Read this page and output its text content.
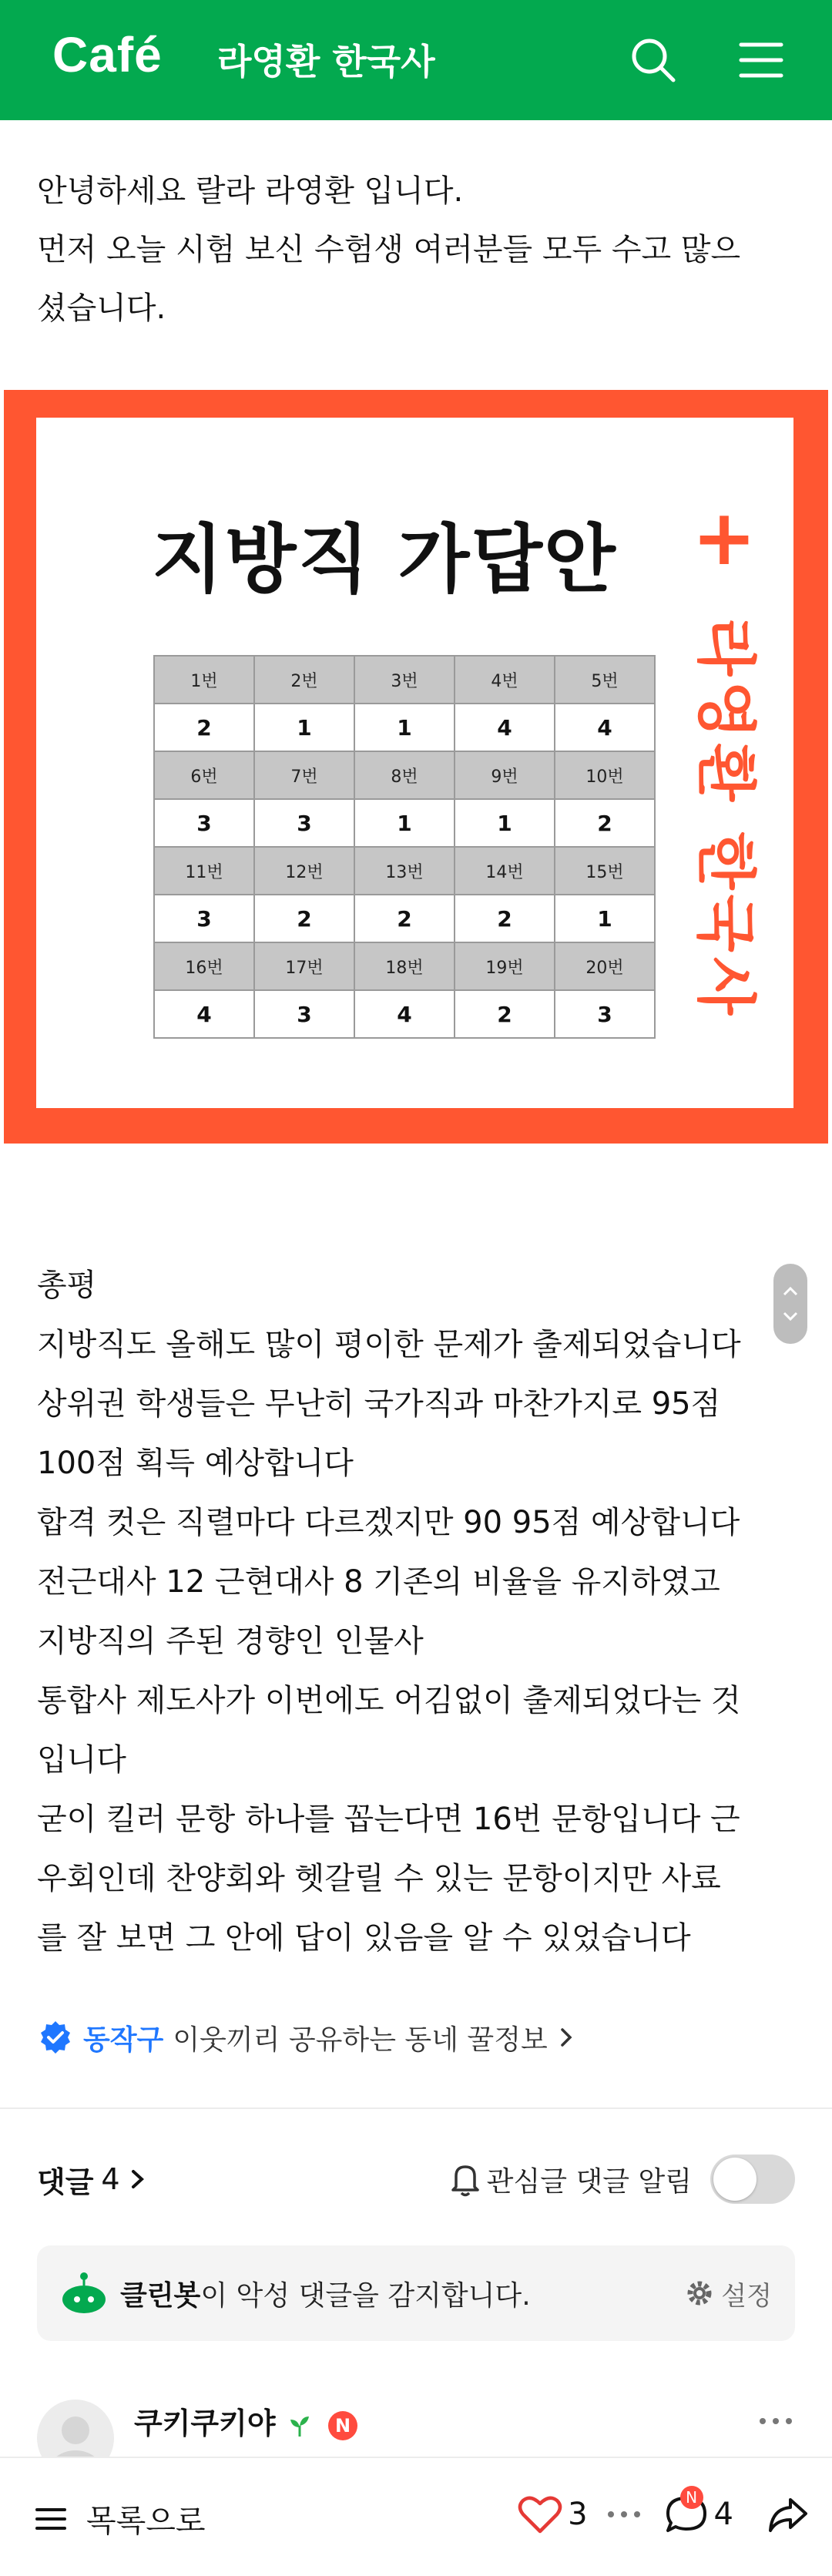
Café 라영환 한국사
안녕하세요 랄라 라영환 입니다.
먼저 오늘 시험 보신 수험생 여러분들 모두 수고 많으
셨습니다.
지방직 가답안 +
라영환 한국사
1번	2번	3번	4번	5번
2	1	1	4	4
6번	7번	8번	9번	10번
3	3	1	1	2
11번	12번	13번	14번	15번
3	2	2	2	1
16번	17번	18번	19번	20번
4	3	4	2	3
총평
지방직도 올해도 많이 평이한 문제가 출제되었습니다
상위권 학생들은 무난히 국가직과 마찬가지로 95점
100점 획득 예상합니다
합격 컷은 직렬마다 다르겠지만 90 95점 예상합니다
전근대사 12 근현대사 8 기존의 비율을 유지하였고
지방직의 주된 경향인 인물사
통합사 제도사가 이번에도 어김없이 출제되었다는 것
입니다
굳이 킬러 문항 하나를 꼽는다면 16번 문항입니다 근
우회인데 찬양회와 헷갈릴 수 있는 문항이지만 사료
를 잘 보면 그 안에 답이 있음을 알 수 있었습니다
동작구 이웃끼리 공유하는 동네 꿀정보
댓글 4	관심글 댓글 알림
클린봇 이 악성 댓글을 감지합니다.	설정
쿠키쿠키야	N
목록으로	3	N 4
